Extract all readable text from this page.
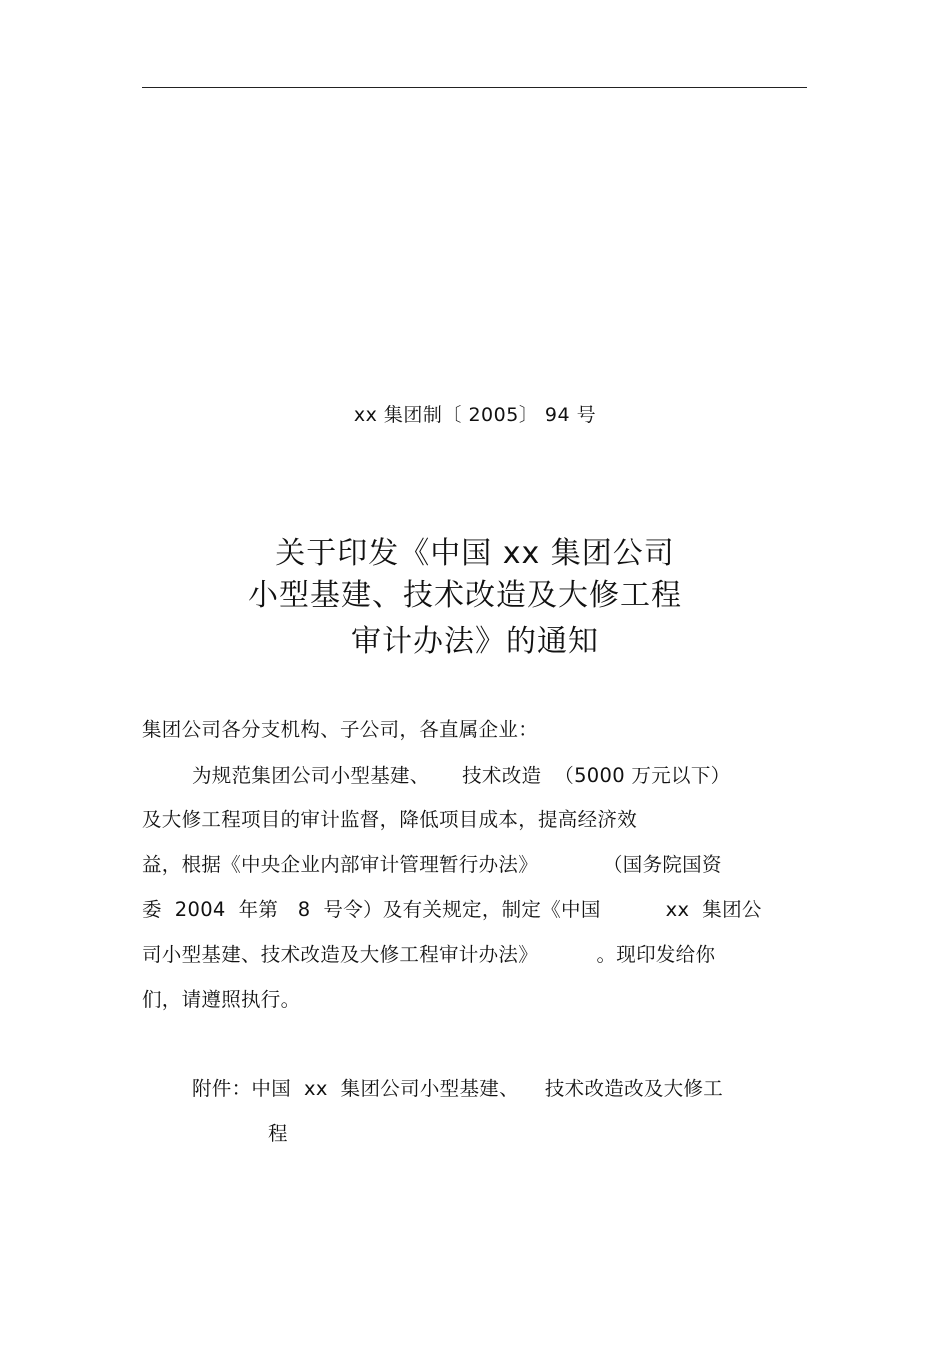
xx 集团制〔 2005〕 94 号
关于印发《中国 xx 集团公司
小型基建、技术改造及大修工程
审计办法》的通知
集团公司各分支机构、子公司，各直属企业：
为规范集团公司小型基建、     技术改造  （5000 万元以下）
及大修工程项目的审计监督，降低项目成本，提高经济效
益，根据《中央企业内部审计管理暂行办法》          （国务院国资
委  2004  年第   8  号令）及有关规定，制定《中国          xx  集团公
司小型基建、技术改造及大修工程审计办法》         。现印发给你
们，请遵照执行。
附件：中国  xx  集团公司小型基建、    技术改造改及大修工
程
